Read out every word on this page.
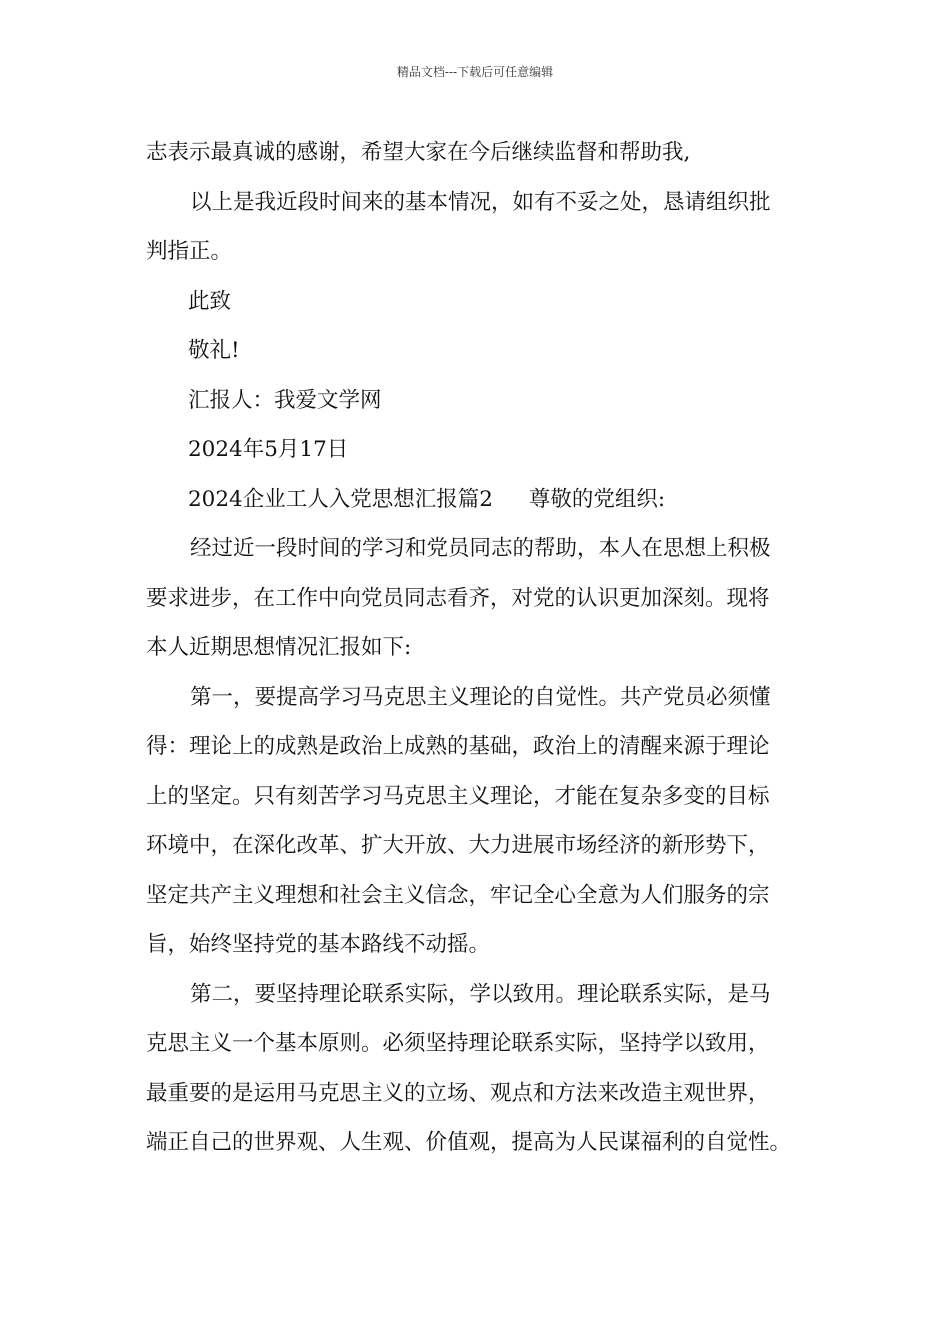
精品文档---下载后可任意编辑
志表示最真诚的感谢，希望大家在今后继续监督和帮助我,
以上是我近段时间来的基本情况，如有不妥之处，恳请组织批
判指正。
此致
敬礼!
汇报人：我爱文学网
2024年5月17日
2024企业工人入党思想汇报篇2 尊敬的党组织:
经过近一段时间的学习和党员同志的帮助，本人在思想上积极
要求进步，在工作中向党员同志看齐，对党的认识更加深刻。现将
本人近期思想情况汇报如下:
第一，要提高学习马克思主义理论的自觉性。共产党员必须懂
得：理论上的成熟是政治上成熟的基础，政治上的清醒来源于理论
上的坚定。只有刻苦学习马克思主义理论，才能在复杂多变的目标
环境中，在深化改革、扩大开放、大力进展市场经济的新形势下，
坚定共产主义理想和社会主义信念，牢记全心全意为人们服务的宗
旨，始终坚持党的基本路线不动摇。
第二，要坚持理论联系实际，学以致用。理论联系实际，是马
克思主义一个基本原则。必须坚持理论联系实际，坚持学以致用，
最重要的是运用马克思主义的立场、观点和方法来改造主观世界，
端正自己的世界观、人生观、价值观，提高为人民谋福利的自觉性。
